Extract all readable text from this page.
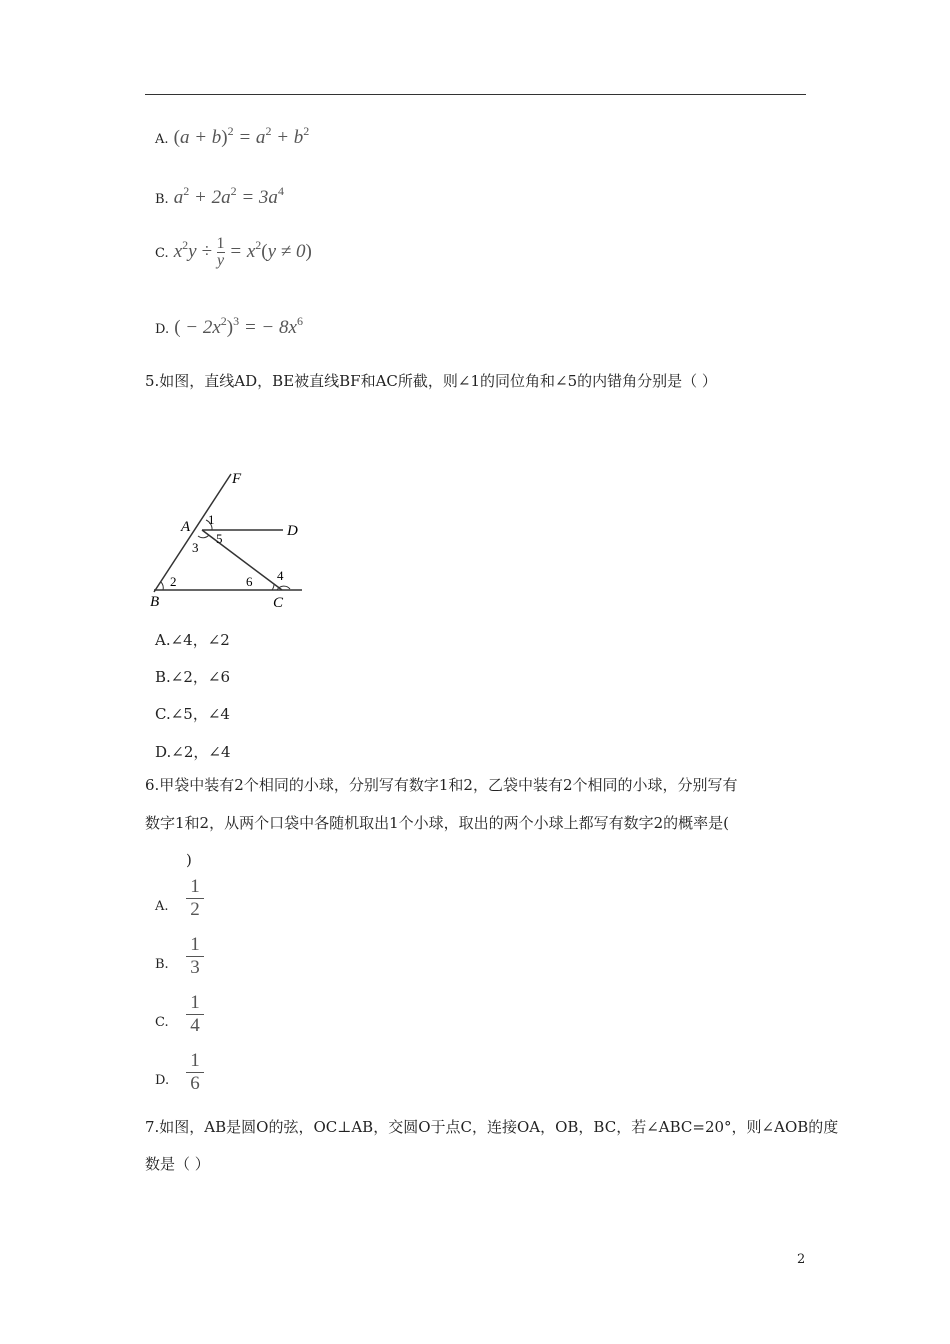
A. $(a + b)^2 = a^2 + b^2$
B. $a^2 + 2a^2 = 3a^4$
C. $x^2y \div \frac{1}{y} = x^2(y \ne 0)$
D. ( − $2x^2)^3$ = − $8x^6$
5.如图，直线AD，BE被直线BF和AC所截，则∠1的同位角和∠5的内错角分别是（ ）
F
A	D
B	C
1
3
5
2	6 4
A.∠4，∠2
B.∠2，∠6
C.∠5，∠4
D.∠2，∠4
6.甲袋中装有2个相同的小球，分别写有数字1和2，乙袋中装有2个相同的小球，分别写有
数字1和2，从两个口袋中各随机取出1个小球，取出的两个小球上都写有数字2的概率是(
)
A.
1
2
B.
1
3
C.
1
4
D.
1
6
7.如图，AB是圆O的弦，OC⊥AB，交圆O于点C，连接OA，OB，BC，若∠ABC=20°，则∠AOB的度
数是（ ）
2
